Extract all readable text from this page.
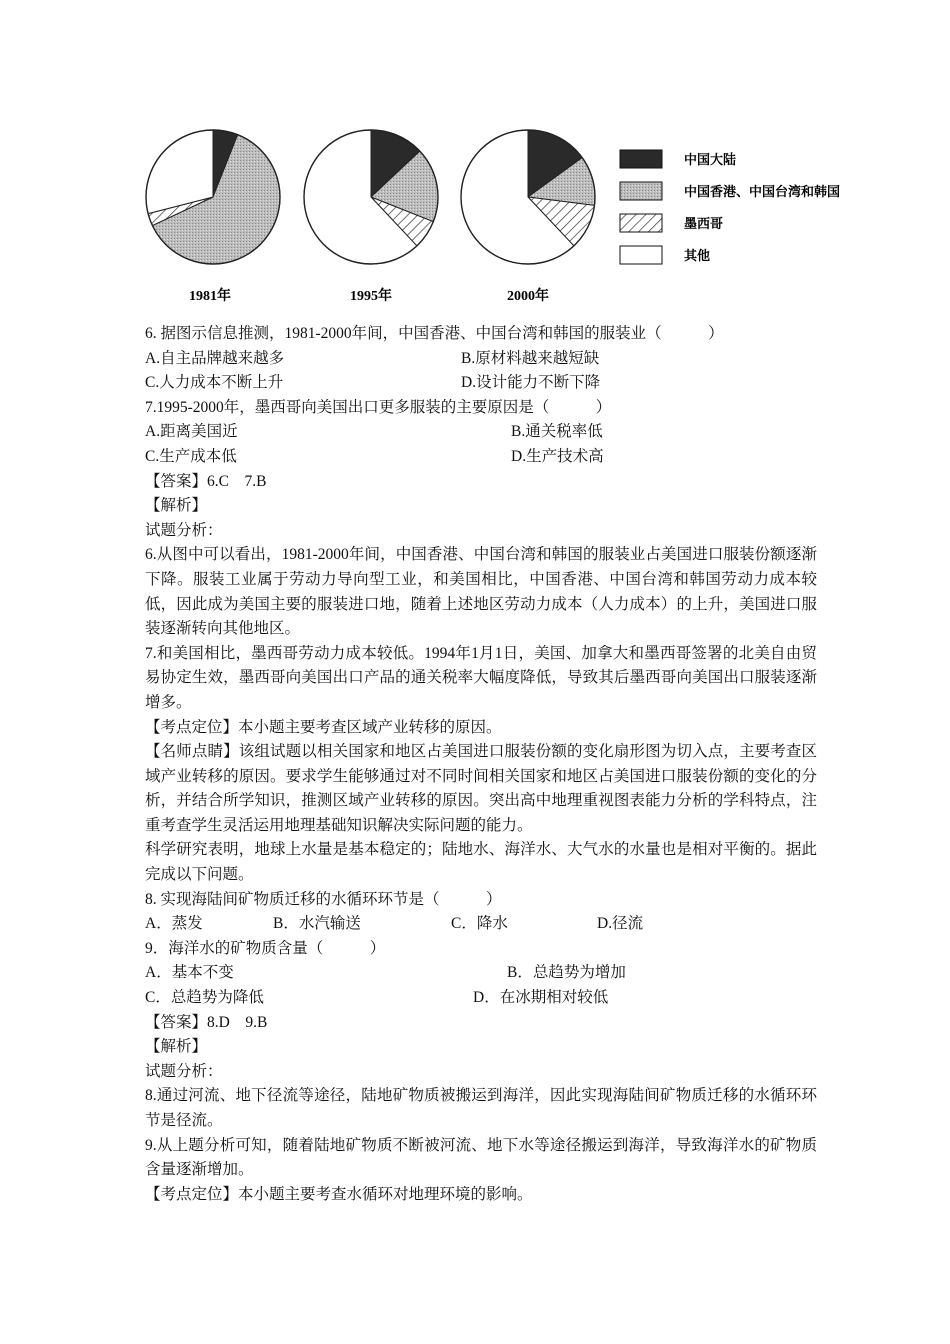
1981年	1995年	2000年
中国大陆
中国香港、中国台湾和韩国
墨西哥
其他

6. 据图示信息推测，1981-2000年间，中国香港、中国台湾和韩国的服装业（　　　）

A.自主品牌越来越多	B.原材料越来越短缺
C.人力成本不断上升	D.设计能力不断下降

7.1995-2000年，墨西哥向美国出口更多服装的主要原因是（　　　）

A.距离美国近	B.通关税率低
C.生产成本低	D.生产技术高

【答案】6.C　7.B

【解析】

试题分析：

6.从图中可以看出，1981-2000年间，中国香港、中国台湾和韩国的服装业占美国进口服装份额逐渐下降。服装工业属于劳动力导向型工业，和美国相比，中国香港、中国台湾和韩国劳动力成本较低，因此成为美国主要的服装进口地，随着上述地区劳动力成本（人力成本）的上升，美国进口服装逐渐转向其他地区。

7.和美国相比，墨西哥劳动力成本较低。1994年1月1日，美国、加拿大和墨西哥签署的北美自由贸易协定生效，墨西哥向美国出口产品的通关税率大幅度降低，导致其后墨西哥向美国出口服装逐渐增多。

【考点定位】本小题主要考查区域产业转移的原因。

【名师点睛】该组试题以相关国家和地区占美国进口服装份额的变化扇形图为切入点，主要考查区域产业转移的原因。要求学生能够通过对不同时间相关国家和地区占美国进口服装份额的变化的分析，并结合所学知识，推测区域产业转移的原因。突出高中地理重视图表能力分析的学科特点，注重考查学生灵活运用地理基础知识解决实际问题的能力。

科学研究表明，地球上水量是基本稳定的；陆地水、海洋水、大气水的水量也是相对平衡的。据此完成以下问题。

8. 实现海陆间矿物质迁移的水循环环节是（　　　）

A．蒸发	B．水汽输送	C．降水	D.径流

9．海洋水的矿物质含量（　　　）

A．基本不变	B．总趋势为增加
C．总趋势为降低	D．在冰期相对较低

【答案】8.D　9.B

【解析】

试题分析：

8.通过河流、地下径流等途径，陆地矿物质被搬运到海洋，因此实现海陆间矿物质迁移的水循环环节是径流。

9.从上题分析可知，随着陆地矿物质不断被河流、地下水等途径搬运到海洋，导致海洋水的矿物质含量逐渐增加。

【考点定位】本小题主要考查水循环对地理环境的影响。
